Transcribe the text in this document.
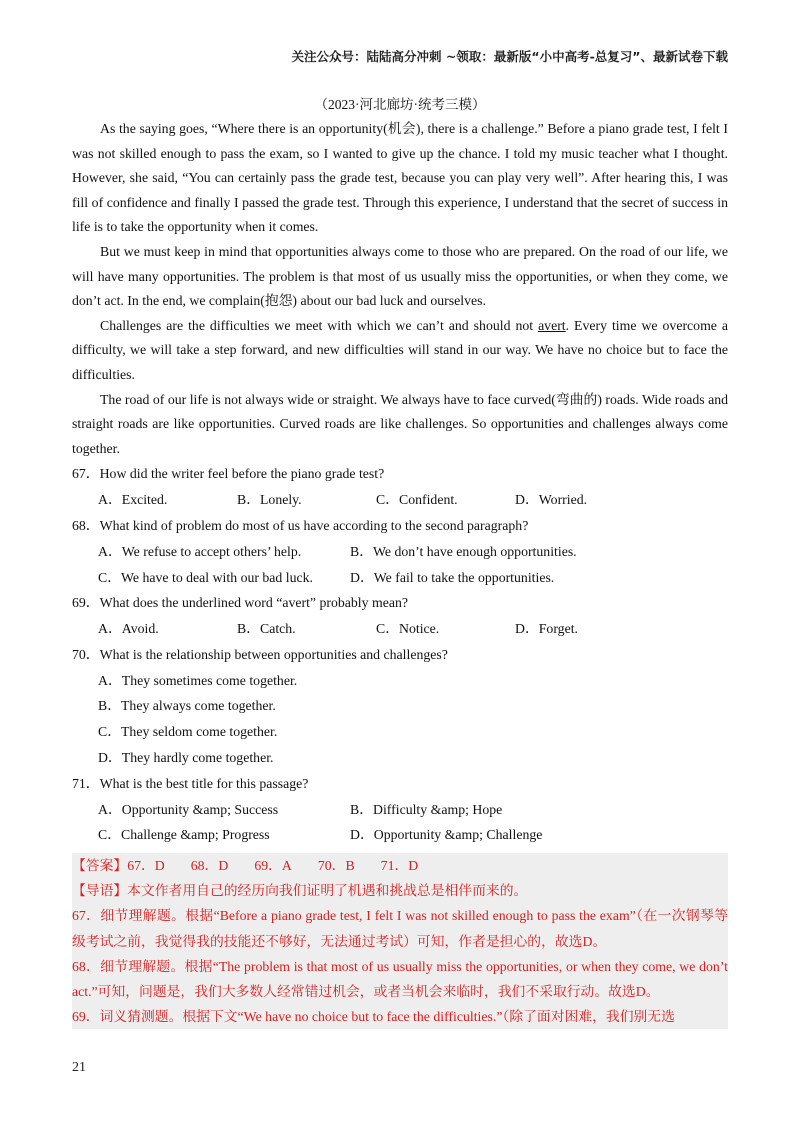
关注公众号：陆陆高分冲刺 ~领取：最新版“小中高考-总复习”、最新试卷下载
（2023·河北廊坊·统考三模）

As the saying goes, “Where there is an opportunity(机会), there is a challenge.” Before a piano grade test, I felt I was not skilled enough to pass the exam, so I wanted to give up the chance. I told my music teacher what I thought. However, she said, “You can certainly pass the grade test, because you can play very well”. After hearing this, I was fill of confidence and finally I passed the grade test. Through this experience, I understand that the secret of success in life is to take the opportunity when it comes.

But we must keep in mind that opportunities always come to those who are prepared. On the road of our life, we will have many opportunities. The problem is that most of us usually miss the opportunities, or when they come, we don’t act. In the end, we complain(抱怨) about our bad luck and ourselves.

Challenges are the difficulties we meet with which we can’t and should not avert. Every time we overcome a difficulty, we will take a step forward, and new difficulties will stand in our way. We have no choice but to face the difficulties.

The road of our life is not always wide or straight. We always have to face curved(弯曲的) roads. Wide roads and straight roads are like opportunities. Curved roads are like challenges. So opportunities and challenges always come together.

67．How did the writer feel before the piano grade test?
A．Excited.	B．Lonely.	C．Confident.	D．Worried.
68．What kind of problem do most of us have according to the second paragraph?
A．We refuse to accept others’ help.	B．We don’t have enough opportunities.
C．We have to deal with our bad luck.	D．We fail to take the opportunities.
69．What does the underlined word “avert” probably mean?
A．Avoid.	B．Catch.	C．Notice.	D．Forget.
70．What is the relationship between opportunities and challenges?
A．They sometimes come together.
B．They always come together.
C．They seldom come together.
D．They hardly come together.
71．What is the best title for this passage?
A．Opportunity &amp; Success	B．Difficulty &amp; Hope
C．Challenge &amp; Progress	D．Opportunity &amp; Challenge
【答案】67．D 68．D 69．A 70．B 71．D
【导语】本文作者用自己的经历向我们证明了机遇和挑战总是相伴而来的。

67．细节理解题。根据“Before a piano grade test, I felt I was not skilled enough to pass the exam”（在一次钢琴等级考试之前，我觉得我的技能还不够好，无法通过考试）可知，作者是担心的，故选D。

68．细节理解题。根据“The problem is that most of us usually miss the opportunities, or when they come, we don’t act.”可知，问题是，我们大多数人经常错过机会，或者当机会来临时，我们不采取行动。故选D。

69．词义猜测题。根据下文“We have no choice but to face the difficulties.”（除了面对困难，我们别无选

21
